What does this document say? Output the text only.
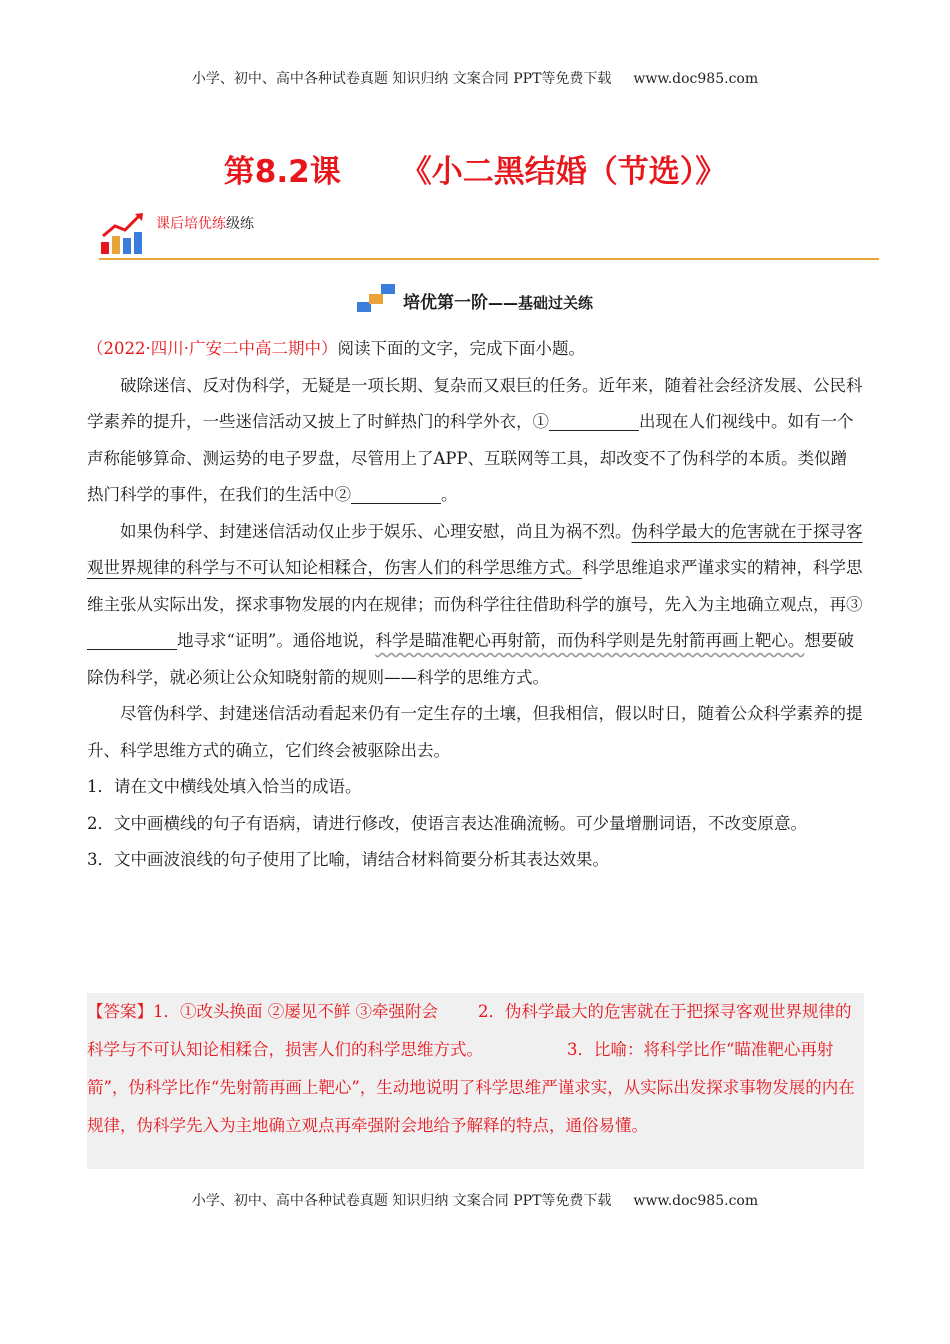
小学、初中、高中各种试卷真题 知识归纳 文案合同 PPT等免费下载 www.doc985.com
第8.2课 《小二黑结婚（节选）》
课后培优练级练
培优第一阶——基础过关练

（2022·四川·广安二中高二期中）阅读下面的文字，完成下面小题。

破除迷信、反对伪科学，无疑是一项长期、复杂而又艰巨的任务。近年来，随着社会经济发展、公民科学素养的提升，一些迷信活动又披上了时鲜热门的科学外衣，①	出现在人们视线中。如有一个声称能够算命、测运势的电子罗盘，尽管用上了APP、互联网等工具，却改变不了伪科学的本质。类似蹭热门科学的事件，在我们的生活中②	。

如果伪科学、封建迷信活动仅止步于娱乐、心理安慰，尚且为祸不烈。伪科学最大的危害就在于探寻客观世界规律的科学与不可认知论相糅合，伤害人们的科学思维方式。科学思维追求严谨求实的精神，科学思维主张从实际出发，探求事物发展的内在规律；而伪科学往往借助科学的旗号，先入为主地确立观点，再③地寻求“证明”。通俗地说，科学是瞄准靶心再射箭，而伪科学则是先射箭再画上靶心。想要破除伪科学，就必须让公众知晓射箭的规则——科学的思维方式。

尽管伪科学、封建迷信活动看起来仍有一定生存的土壤，但我相信，假以时日，随着公众科学素养的提升、科学思维方式的确立，它们终会被驱除出去。

1．请在文中横线处填入恰当的成语。

2．文中画横线的句子有语病，请进行修改，使语言表达准确流畅。可少量增删词语，不改变原意。

3．文中画波浪线的句子使用了比喻，请结合材料简要分析其表达效果。

【答案】1．①改头换面 ②屡见不鲜 ③牵强附会 2．伪科学最大的危害就在于把探寻客观世界规律的科学与不可认知论相糅合，损害人们的科学思维方式。	3．比喻：将科学比作“瞄准靶心再射箭”，伪科学比作“先射箭再画上靶心”，生动地说明了科学思维严谨求实，从实际出发探求事物发展的内在规律，伪科学先入为主地确立观点再牵强附会地给予解释的特点，通俗易懂。
小学、初中、高中各种试卷真题 知识归纳 文案合同 PPT等免费下载 www.doc985.com
